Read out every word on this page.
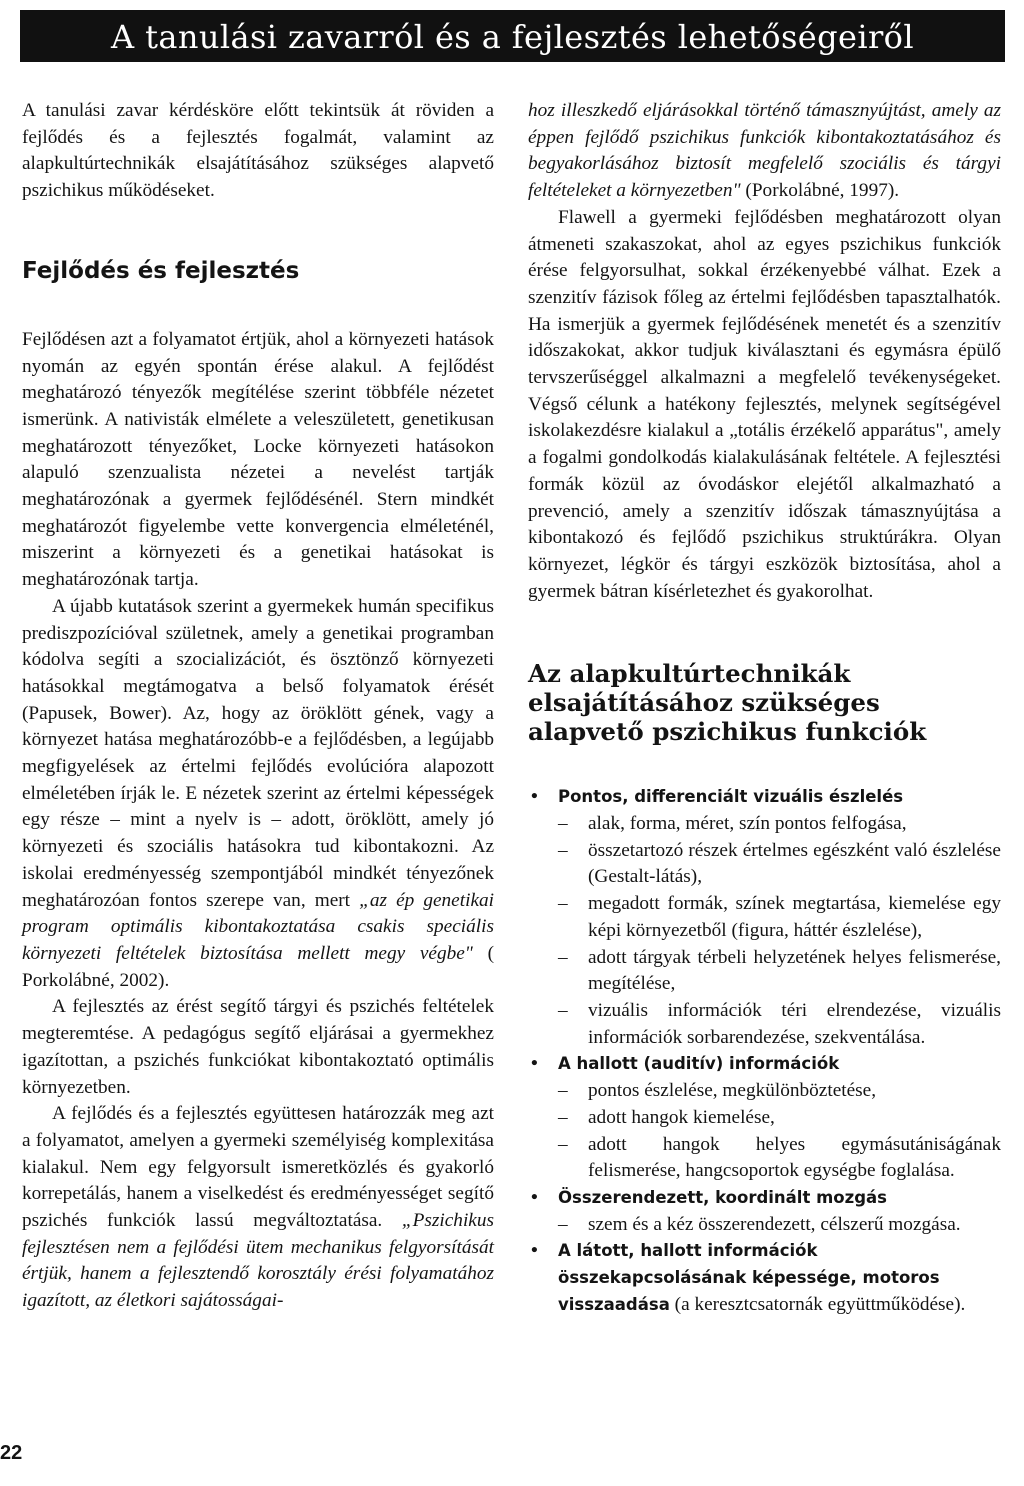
A tanulási zavarról és a fejlesztés lehetőségeiről

A tanulási zavar kérdésköre előtt tekintsük át röviden a fejlődés és a fejlesztés fogalmát, valamint az alapkultúrtechnikák elsajátításához szükséges alapvető pszichikus működéseket.

Fejlődés és fejlesztés

Fejlődésen azt a folyamatot értjük, ahol a környezeti hatások nyomán az egyén spontán érése alakul. A fejlődést meghatározó tényezők megítélése szerint többféle nézetet ismerünk. A nativisták elmélete a veleszületett, genetikusan meghatározott tényezőket, Locke környezeti hatásokon alapuló szenzualista nézetei a nevelést tartják meghatározónak a gyermek fejlődésénél. Stern mindkét meghatározót figyelembe vette konvergencia elméleténél, miszerint a környezeti és a genetikai hatásokat is meghatározónak tartja.

A újabb kutatások szerint a gyermekek humán specifikus prediszpozícióval születnek, amely a genetikai programban kódolva segíti a szocializációt, és ösztönző környezeti hatásokkal megtámogatva a belső folyamatok érését (Papusek, Bower). Az, hogy az öröklött gének, vagy a környezet hatása meghatározóbb-e a fejlődésben, a legújabb megfigyelések az értelmi fejlődés evolúcióra alapozott elméletében írják le. E nézetek szerint az értelmi képességek egy része – mint a nyelv is – adott, öröklött, amely jó környezeti és szociális hatásokra tud kibontakozni. Az iskolai eredményesség szempontjából mindkét tényezőnek meghatározóan fontos szerepe van, mert „az ép genetikai program optimális kibontakoztatása csakis speciális környezeti feltételek biztosítása mellett megy végbe" ( Porkolábné, 2002).

A fejlesztés az érést segítő tárgyi és pszichés feltételek megteremtése. A pedagógus segítő eljárásai a gyermekhez igazítottan, a pszichés funkciókat kibontakoztató optimális környezetben.

A fejlődés és a fejlesztés együttesen határozzák meg azt a folyamatot, amelyen a gyermeki személyiség komplexitása kialakul. Nem egy felgyorsult ismeretközlés és gyakorló korrepetálás, hanem a viselkedést és eredményességet segítő pszichés funkciók lassú megváltoztatása. „Pszichikus fejlesztésen nem a fejlődési ütem mechanikus felgyorsítását értjük, hanem a fejlesztendő korosztály érési folyamatához igazított, az életkori sajátosságai-

hoz illeszkedő eljárásokkal történő támasznyújtást, amely az éppen fejlődő pszichikus funkciók kibontakoztatásához és begyakorlásához biztosít megfelelő szociális és tárgyi feltételeket a környezetben" (Porkolábné, 1997).

Flawell a gyermeki fejlődésben meghatározott olyan átmeneti szakaszokat, ahol az egyes pszichikus funkciók érése felgyorsulhat, sokkal érzékenyebbé válhat. Ezek a szenzitív fázisok főleg az értelmi fejlődésben tapasztalhatók. Ha ismerjük a gyermek fejlődésének menetét és a szenzitív időszakokat, akkor tudjuk kiválasztani és egymásra épülő tervszerűséggel alkalmazni a megfelelő tevékenységeket. Végső célunk a hatékony fejlesztés, melynek segítségével iskolakezdésre kialakul a „totális érzékelő apparátus", amely a fogalmi gondolkodás kialakulásának feltétele. A fejlesztési formák közül az óvodáskor elejétől alkalmazható a prevenció, amely a szenzitív időszak támasznyújtása a kibontakozó és fejlődő pszichikus struktúrákra. Olyan környezet, légkör és tárgyi eszközök biztosítása, ahol a gyermek bátran kísérletezhet és gyakorolhat.

Az alapkultúrtechnikák elsajátításához szükséges alapvető pszichikus funkciók
• Pontos, differenciált vizuális észlelés
– alak, forma, méret, szín pontos felfogása,
– összetartozó részek értelmes egészként való észlelése (Gestalt-látás),
– megadott formák, színek megtartása, kiemelése egy képi környezetből (figura, háttér észlelése),
– adott tárgyak térbeli helyzetének helyes felismerése, megítélése,
– vizuális információk téri elrendezése, vizuális információk sorbarendezése, szekventálása.
• A hallott (auditív) információk
– pontos észlelése, megkülönböztetése,
– adott hangok kiemelése,
– adott hangok helyes egymásutániságának felismerése, hangcsoportok egységbe foglalása.
• Összerendezett, koordinált mozgás
– szem és a kéz összerendezett, célszerű mozgása.
• A látott, hallott információk összekapcsolásának képessége, motoros visszaadása (a keresztcsatornák együttműködése).
22
